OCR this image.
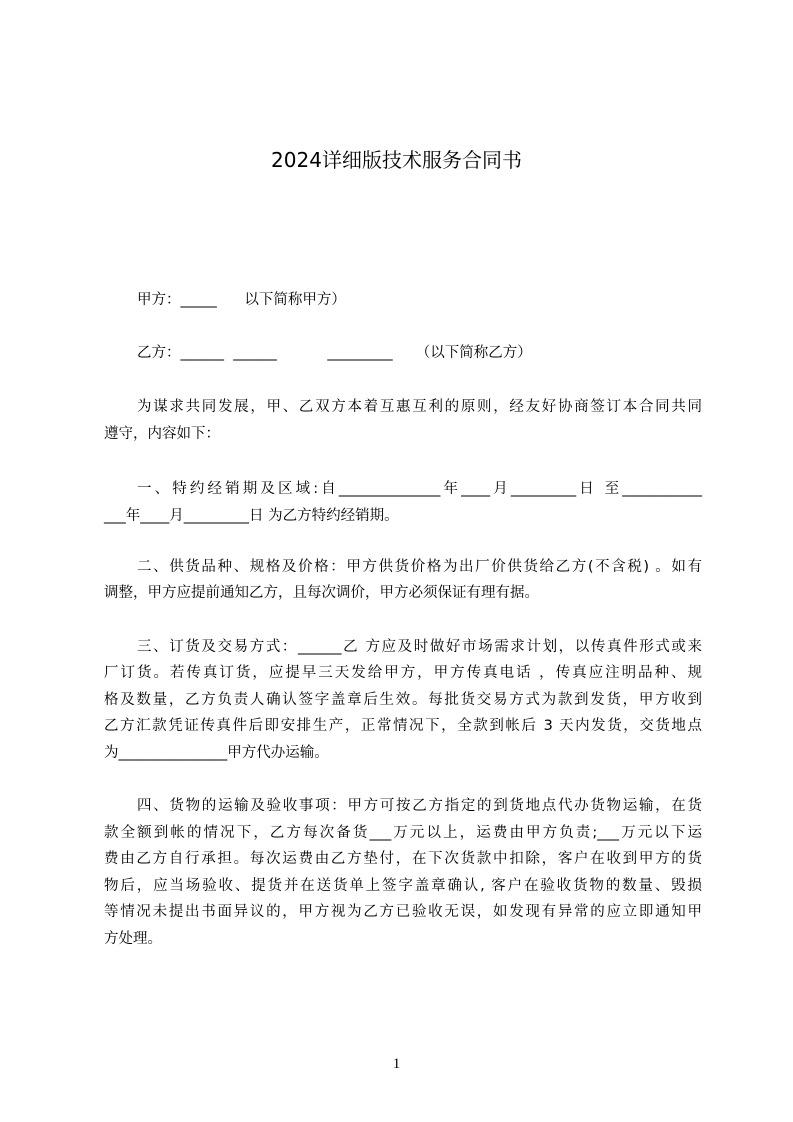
2024详细版技术服务合同书
甲方：_____      以下简称甲方）
乙方：______  ______           _________     （以下简称乙方）
为谋求共同发展，甲、乙双方本着互惠互利的原则，经友好协商签订本合同共同
遵守，内容如下：
一、特约经销期及区域:自______________年____月_________日 至___________
___年____月_________日 为乙方特约经销期。
二、供货品种、规格及价格：甲方供货价格为出厂价供货给乙方(不含税) 。如有
调整，甲方应提前通知乙方，且每次调价，甲方必须保证有理有据。
三、订货及交易方式：______乙 方应及时做好市场需求计划，以传真件形式或来
厂订货。若传真订货，应提早三天发给甲方，甲方传真电话 ，传真应注明品种、规
格及数量，乙方负责人确认签字盖章后生效。每批货交易方式为款到发货，甲方收到
乙方汇款凭证传真件后即安排生产，正常情况下，全款到帐后 3 天内发货，交货地点
为_______________甲方代办运输。
四、货物的运输及验收事项：甲方可按乙方指定的到货地点代办货物运输，在货
款全额到帐的情况下，乙方每次备货___万元以上，运费由甲方负责;___万元以下运
费由乙方自行承担。每次运费由乙方垫付，在下次货款中扣除，客户在收到甲方的货
物后，应当场验收、提货并在送货单上签字盖章确认, 客户在验收货物的数量、毁损
等情况未提出书面异议的，甲方视为乙方已验收无误，如发现有异常的应立即通知甲
方处理。
1
